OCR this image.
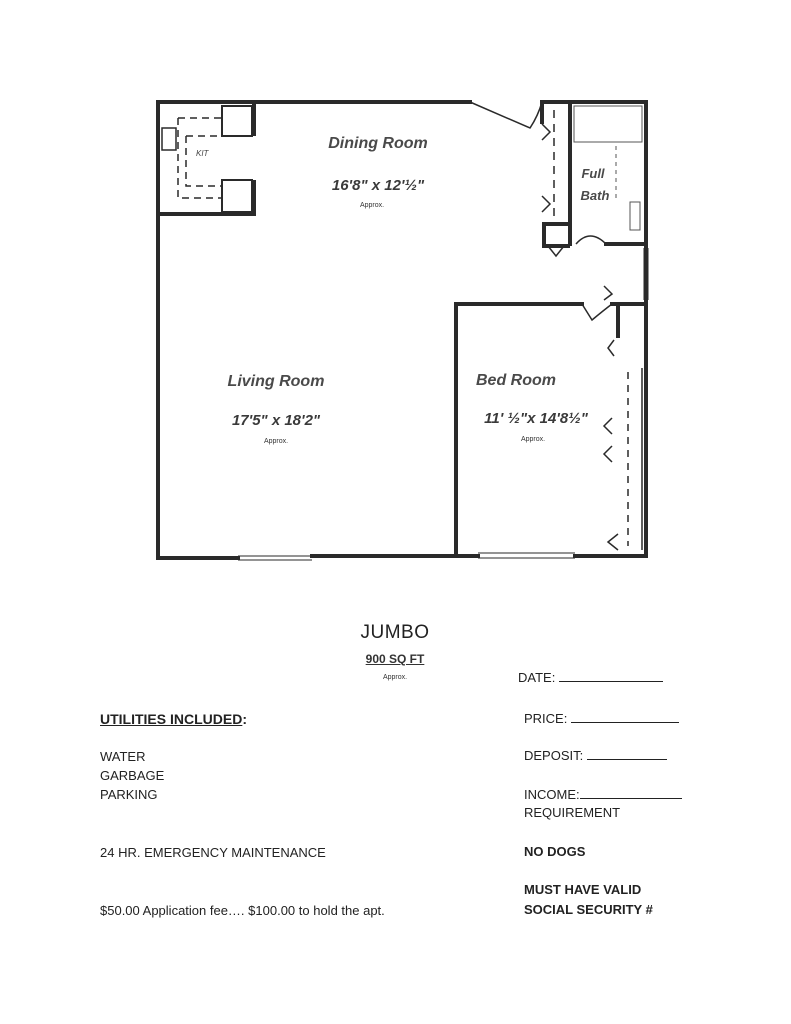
KIT
Dining Room
16'8" x 12'½"
Approx.
Full
Bath
Living Room
17'5" x 18'2"
Approx.
Bed Room
11' ½"x 14'8½"
Approx.
JUMBO
900 SQ FT
Approx.
UTILITIES INCLUDED:
WATER
GARBAGE
PARKING
24 HR. EMERGENCY MAINTENANCE
$50.00 Application fee…. $100.00 to hold the apt.
DATE:
PRICE:
DEPOSIT:
INCOME:
REQUIREMENT
NO DOGS
MUST HAVE VALID
SOCIAL SECURITY #
